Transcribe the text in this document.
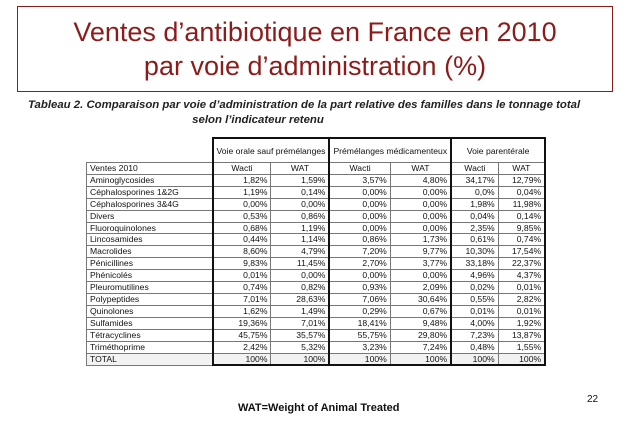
Ventes d’antibiotique en France en 2010
par voie d’administration (%)
Tableau 2. Comparaison par voie d’administration de la part relative des familles dans le tonnage total
selon l’indicateur retenu
	Voie orale sauf prémélanges		Prémélanges médicamenteux		Voie parentérale	
Ventes 2010	Wacti	WAT	Wacti	WAT	Wacti	WAT
Aminoglycosides	1,82%	1,59%	3,57%	4,80%	34,17%	12,79%
Céphalosporines 1&2G	1,19%	0,14%	0,00%	0,00%	0,0%	0,04%
Céphalosporines 3&4G	0,00%	0,00%	0,00%	0,00%	1,98%	11,98%
Divers	0,53%	0,86%	0,00%	0,00%	0,04%	0,14%
Fluoroquinolones	0,68%	1,19%	0,00%	0,00%	2,35%	9,85%
Lincosamides	0,44%	1,14%	0,86%	1,73%	0,61%	0,74%
Macrolides	8,60%	4,79%	7,20%	9,77%	10,30%	17,54%
Pénicillines	9,83%	11,45%	2,70%	3,77%	33,18%	22,37%
Phénicolés	0,01%	0,00%	0,00%	0,00%	4,96%	4,37%
Pleuromutilines	0,74%	0,82%	0,93%	2,09%	0,02%	0,01%
Polypeptides	7,01%	28,63%	7,06%	30,64%	0,55%	2,82%
Quinolones	1,62%	1,49%	0,29%	0,67%	0,01%	0,01%
Sulfamides	19,36%	7,01%	18,41%	9,48%	4,00%	1,92%
Tétracyclines	45,75%	35,57%	55,75%	29,80%	7,23%	13,87%
Triméthoprime	2,42%	5,32%	3,23%	7,24%	0,48%	1,55%
TOTAL	100%	100%	100%	100%	100%	100%
WAT=Weight of Animal Treated
22
